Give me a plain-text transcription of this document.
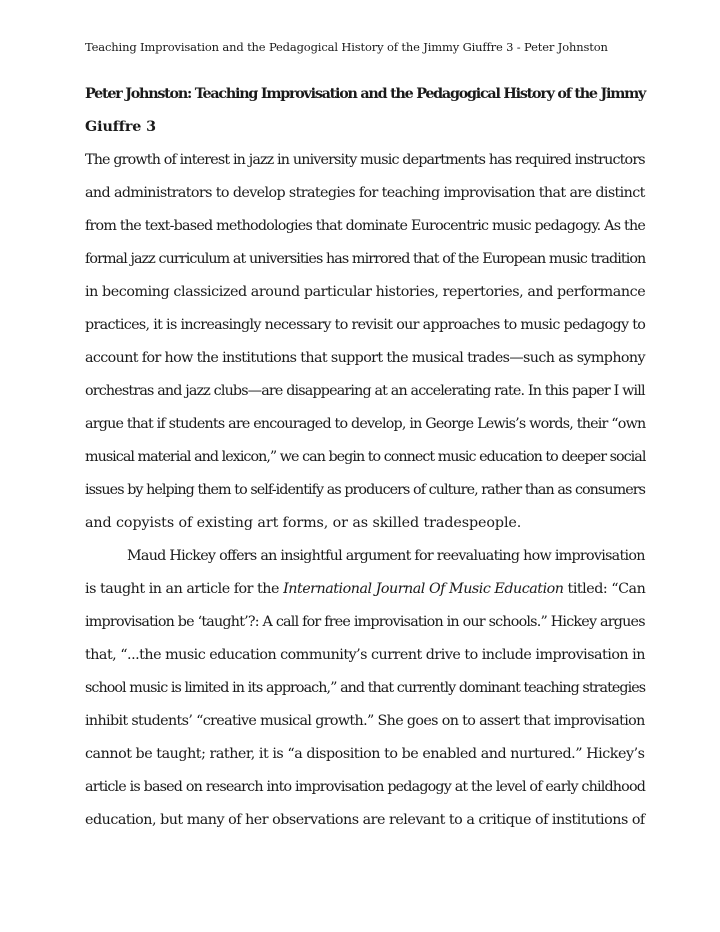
Teaching Improvisation and the Pedagogical History of the Jimmy Giuffre 3 - Peter Johnston
Peter Johnston: Teaching Improvisation and the Pedagogical History of the Jimmy
Giuffre 3

The growth of interest in jazz in university music departments has required instructors
and administrators to develop strategies for teaching improvisation that are distinct
from the text-based methodologies that dominate Eurocentric music pedagogy. As the
formal jazz curriculum at universities has mirrored that of the European music tradition
in becoming classicized around particular histories, repertories, and performance
practices, it is increasingly necessary to revisit our approaches to music pedagogy to
account for how the institutions that support the musical trades—such as symphony
orchestras and jazz clubs—are disappearing at an accelerating rate. In this paper I will
argue that if students are encouraged to develop, in George Lewis’s words, their “own
musical material and lexicon,” we can begin to connect music education to deeper social
issues by helping them to self-identify as producers of culture, rather than as consumers
and copyists of existing art forms, or as skilled tradespeople.

Maud Hickey offers an insightful argument for reevaluating how improvisation
is taught in an article for the International Journal Of Music Education titled: “Can
improvisation be ‘taught’?: A call for free improvisation in our schools.” Hickey argues
that, “...the music education community’s current drive to include improvisation in
school music is limited in its approach,” and that currently dominant teaching strategies
inhibit students’ “creative musical growth.” She goes on to assert that improvisation
cannot be taught; rather, it is “a disposition to be enabled and nurtured.” Hickey’s
article is based on research into improvisation pedagogy at the level of early childhood
education, but many of her observations are relevant to a critique of institutions of
